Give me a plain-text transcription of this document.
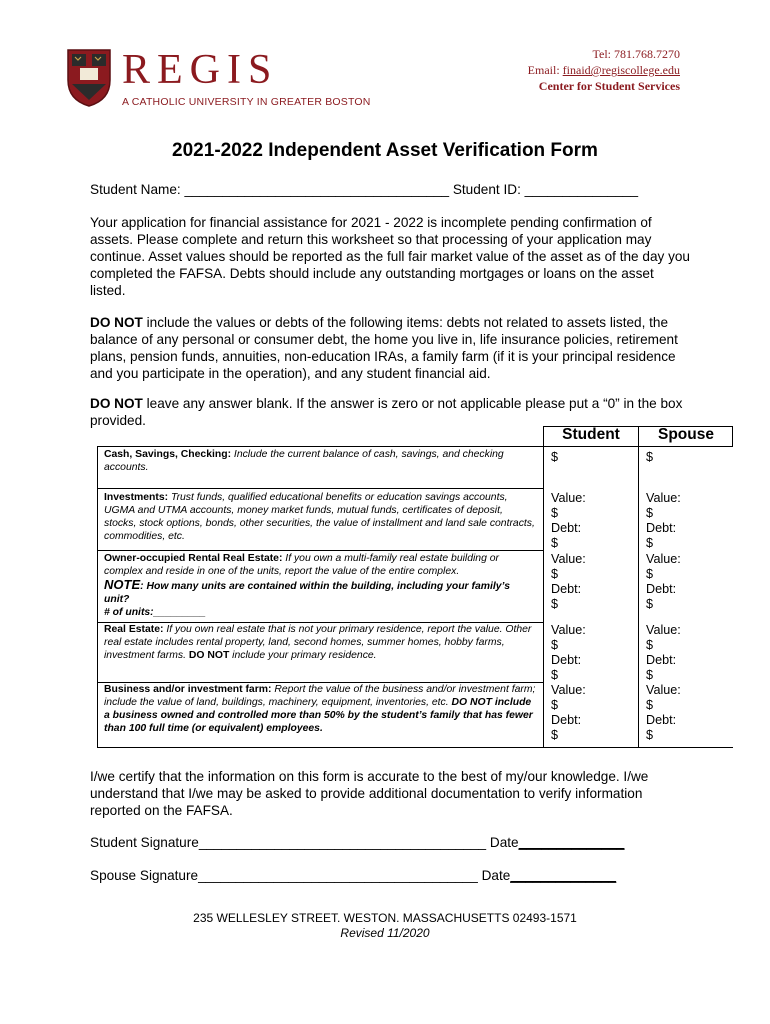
REGIS
A CATHOLIC UNIVERSITY IN GREATER BOSTON
Tel: 781.768.7270
Email: finaid@regiscollege.edu
Center for Student Services
2021-2022 Independent Asset Verification Form
Student Name: ___________________________________ Student ID: _______________
Your application for financial assistance for 2021 - 2022 is incomplete pending confirmation of assets. Please complete and return this worksheet so that processing of your application may continue. Asset values should be reported as the full fair market value of the asset as of the day you completed the FAFSA. Debts should include any outstanding mortgages or loans on the asset listed.
DO NOT include the values or debts of the following items: debts not related to assets listed, the balance of any personal or consumer debt, the home you live in, life insurance policies, retirement plans, pension funds, annuities, non-education IRAs, a family farm (if it is your principal residence and you participate in the operation), and any student financial aid.
DO NOT leave any answer blank. If the answer is zero or not applicable please put a “0” in the box provided.
Student	Spouse
Cash, Savings, Checking: Include the current balance of cash, savings, and checking accounts.
$	$
Investments: Trust funds, qualified educational benefits or education savings accounts, UGMA and UTMA accounts, money market funds, mutual funds, certificates of deposit, stocks, stock options, bonds, other securities, the value of installment and land sale contracts, commodities, etc.
Value:
$
Debt:
$
Value:
$
Debt:
$
Owner-occupied Rental Real Estate: If you own a multi-family real estate building or complex and reside in one of the units, report the value of the entire complex.
NOTE: How many units are contained within the building, including your family’s unit?
# of units:_________
Value:
$
Debt:
$
Value:
$
Debt:
$
Real Estate: If you own real estate that is not your primary residence, report the value. Other real estate includes rental property, land, second homes, summer homes, hobby farms, investment farms. DO NOT include your primary residence.
Value:
$
Debt:
$
Value:
$
Debt:
$
Business and/or investment farm: Report the value of the business and/or investment farm; include the value of land, buildings, machinery, equipment, inventories, etc. DO NOT include a business owned and controlled more than 50% by the student’s family that has fewer than 100 full time (or equivalent) employees.
Value:
$
Debt:
$
Value:
$
Debt:
$
I/we certify that the information on this form is accurate to the best of my/our knowledge. I/we understand that I/we may be asked to provide additional documentation to verify information reported on the FAFSA.
Student Signature______________________________________ Date______________
Spouse Signature_____________________________________ Date______________
235 WELLESLEY STREET. WESTON. MASSACHUSETTS 02493-1571
Revised 11/2020
